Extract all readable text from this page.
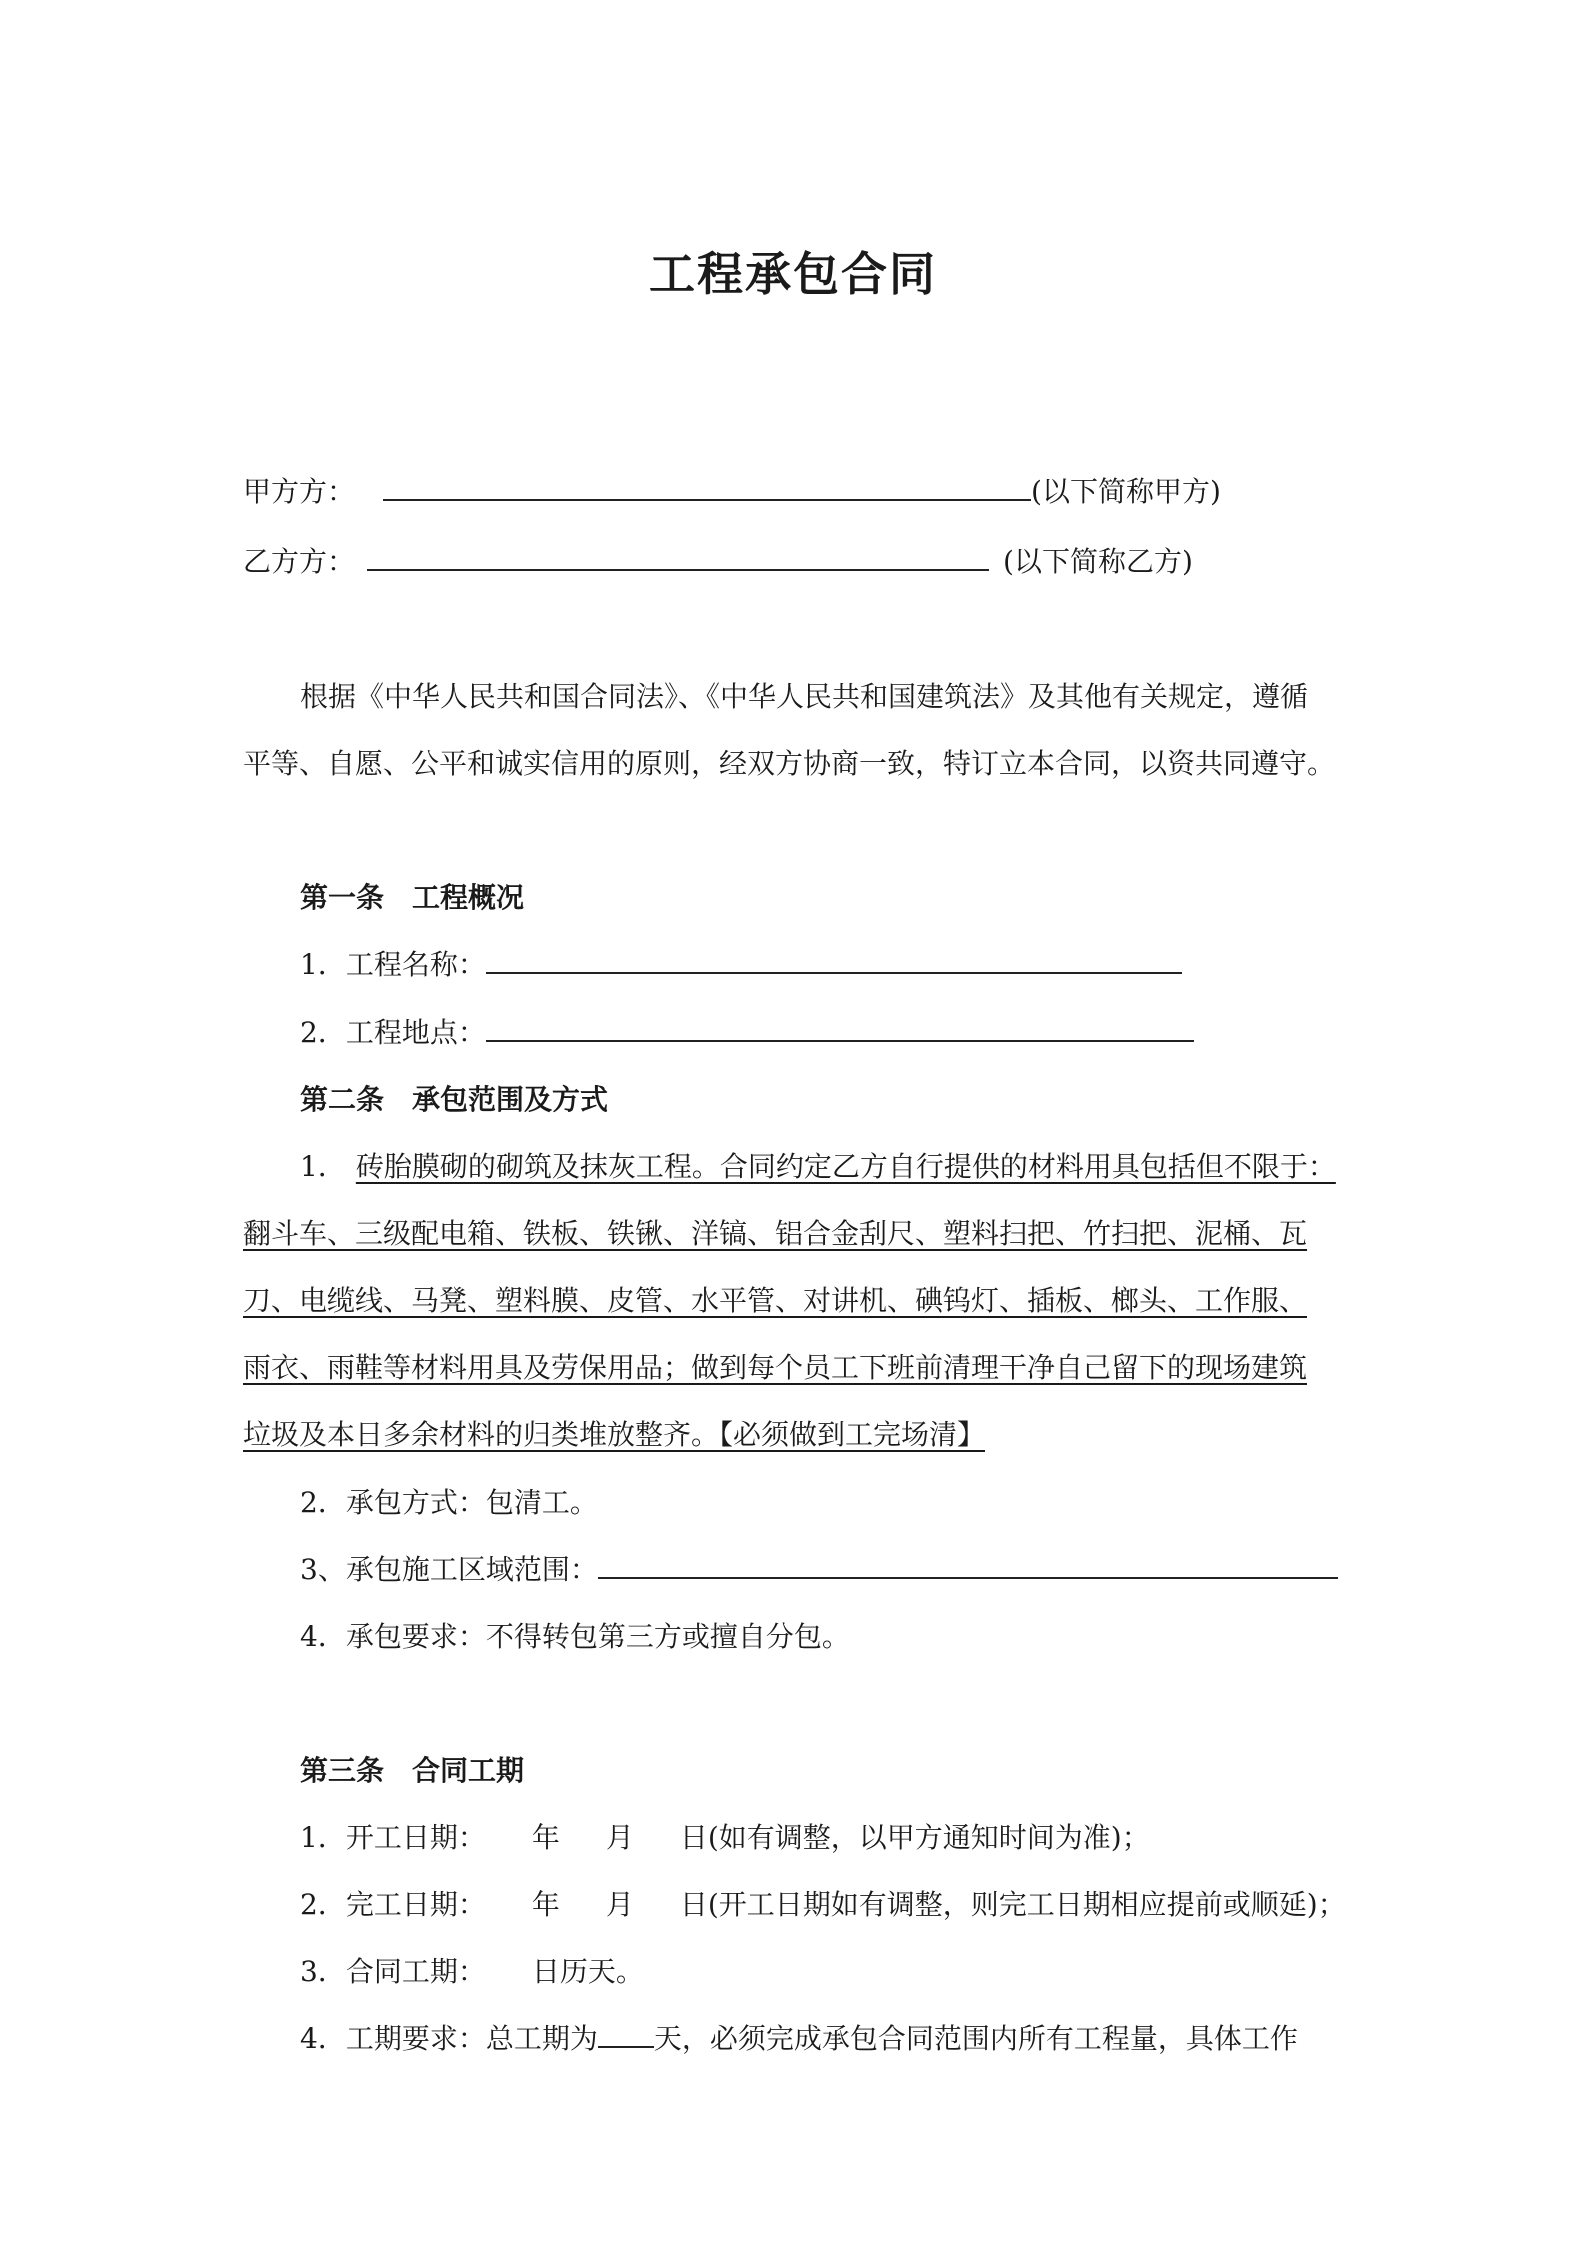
工程承包合同
甲方方：	(以下简称甲方)
乙方方：	(以下简称乙方)
根据《中华人民共和国合同法》、《中华人民共和国建筑法》及其他有关规定，遵循
平等、自愿、公平和诚实信用的原则，经双方协商一致，特订立本合同，以资共同遵守。
第一条 工程概况
1．工程名称：
2．工程地点：
第二条 承包范围及方式
1． 砖胎膜砌的砌筑及抹灰工程。合同约定乙方自行提供的材料用具包括但不限于：
翻斗车、三级配电箱、铁板、铁锹、洋镐、铝合金刮尺、塑料扫把、竹扫把、泥桶、瓦
刀、电缆线、马凳、塑料膜、皮管、水平管、对讲机、碘钨灯、插板、榔头、工作服、
雨衣、雨鞋等材料用具及劳保用品；做到每个员工下班前清理干净自己留下的现场建筑
垃圾及本日多余材料的归类堆放整齐。【必须做到工完场清】
2．承包方式：包清工。
3、承包施工区域范围：
4．承包要求：不得转包第三方或擅自分包。
第三条 合同工期
1．开工日期： 年 月 日(如有调整，以甲方通知时间为准)；
2．完工日期： 年 月 日(开工日期如有调整，则完工日期相应提前或顺延)；
3．合同工期： 日历天。
4．工期要求：总工期为 天，必须完成承包合同范围内所有工程量，具体工作
